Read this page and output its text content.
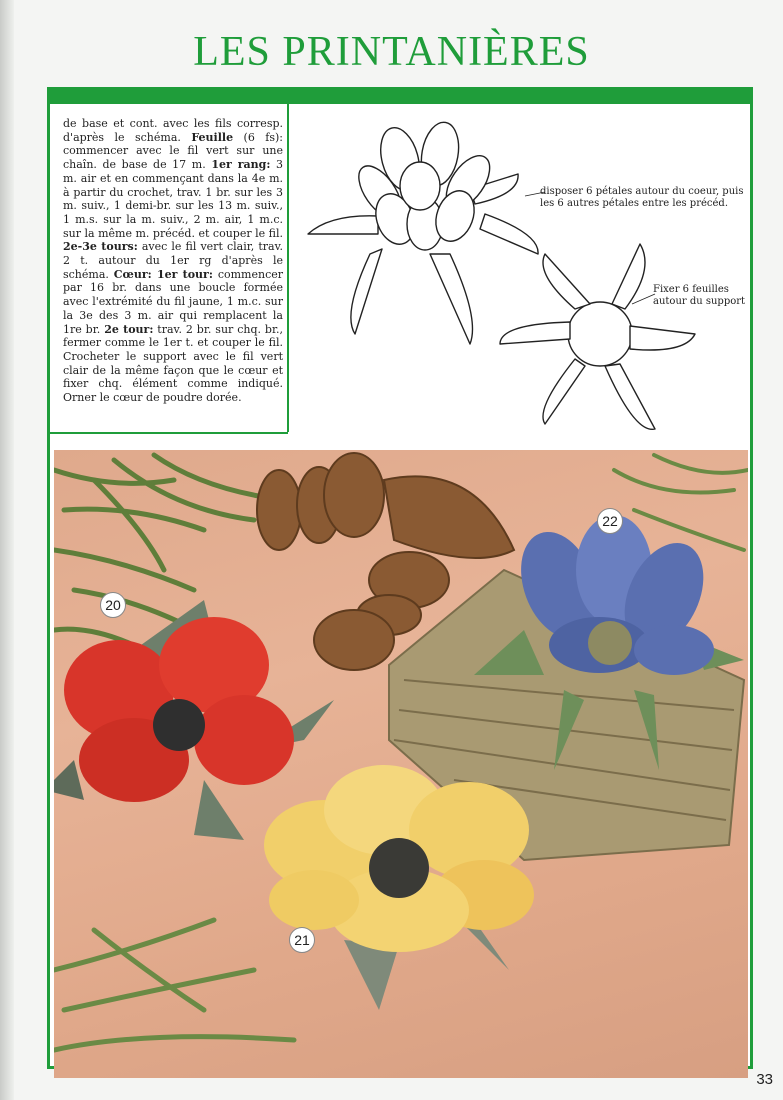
LES PRINTANIÈRES
de base et cont. avec les fils corresp. d'après le schéma. Feuille (6 fs): commencer avec le fil vert sur une chaîn. de base de 17 m. 1er rang: 3 m. air et en commençant dans la 4e m. à partir du crochet, trav. 1 br. sur les 3 m. suiv., 1 demi-br. sur les 13 m. suiv., 1 m.s. sur la m. suiv., 2 m. air, 1 m.c. sur la même m. précéd. et couper le fil. 2e-3e tours: avec le fil vert clair, trav. 2 t. autour du 1er rg d'après le schéma. Cœur: 1er tour: commencer par 16 br. dans une boucle formée avec l'extrémité du fil jaune, 1 m.c. sur la 3e des 3 m. air qui remplacent la 1re br. 2e tour: trav. 2 br. sur chq. br., fermer comme le 1er t. et couper le fil. Crocheter le support avec le fil vert clair de la même façon que le cœur et fixer chq. élément comme indiqué. Orner le cœur de poudre dorée.
disposer 6 pétales autour du coeur, puis les 6 autres pétales entre les précéd.
Fixer 6 feuilles autour du support
20
21
22
33
